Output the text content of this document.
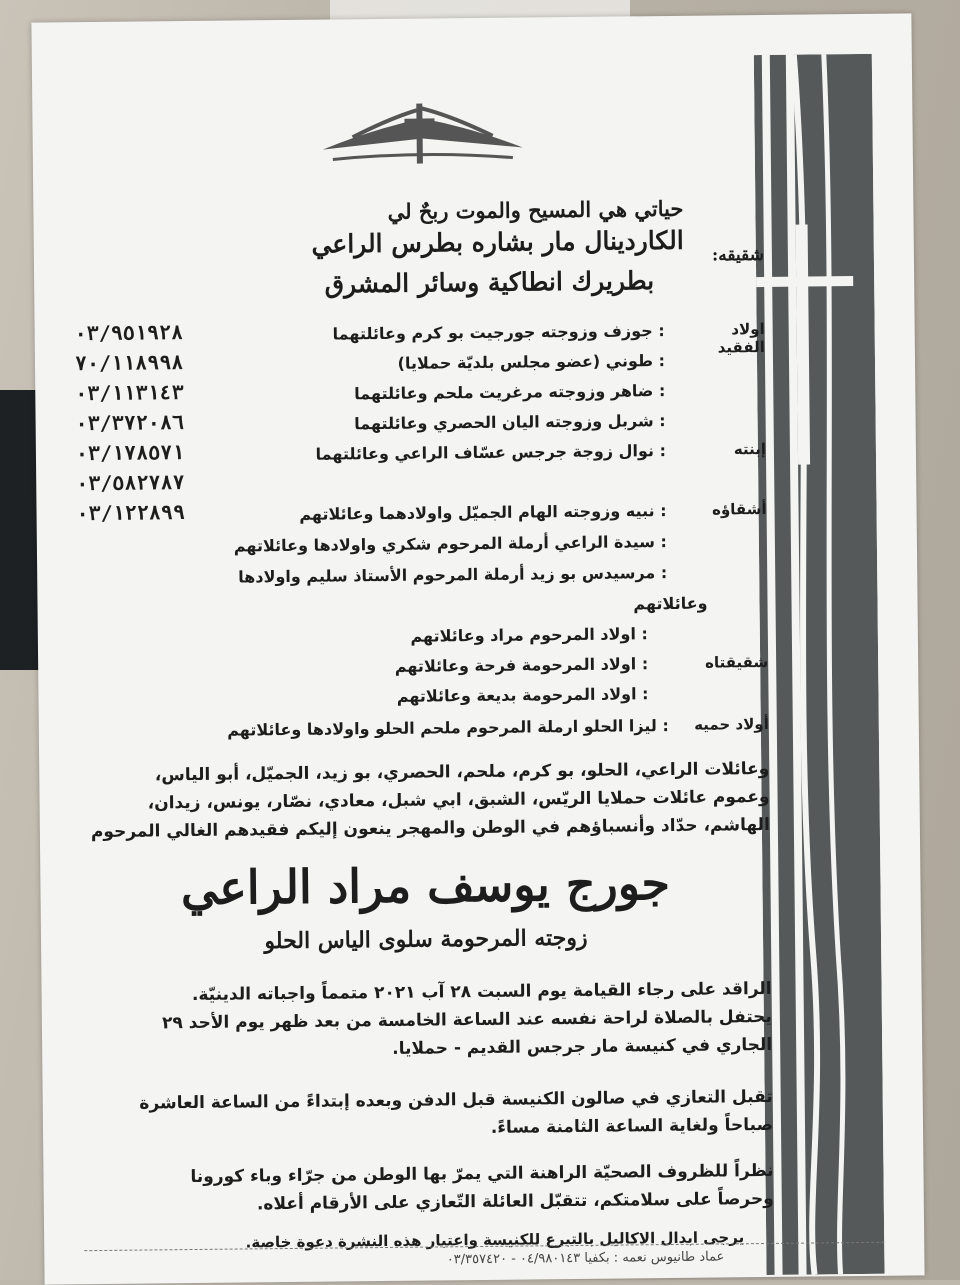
حياتي هي المسيح والموت ربحٌ لي
شقيقه:
الكاردينال مار بشاره بطرس الراعي
بطريرك انطاكية وسائر المشرق
اولاد الفقيد
: جوزف وزوجته جورجيت بو كرم وعائلتهما
٠٣/٩٥١٩٢٨
: طوني (عضو مجلس بلديّة حملايا)
٧٠/١١٨٩٩٨
: ضاهر وزوجته مرغريت ملحم وعائلتهما
٠٣/١١٣١٤٣
: شربل وزوجته اليان الحصري وعائلتهما
٠٣/٣٧٢٠٨٦
إبنته
: نوال زوجة جرجس عسّاف الراعي وعائلتهما
٠٣/١٧٨٥٧١
٠٣/٥٨٢٧٨٧
أشقاؤه
: نبيه وزوجته الهام الجميّل واولادهما وعائلاتهم
٠٣/١٢٢٨٩٩
: سيدة الراعي أرملة المرحوم شكري واولادها وعائلاتهم
: مرسيدس بو زيد أرملة المرحوم الأستاذ سليم واولادها
وعائلاتهم
: اولاد المرحوم مراد وعائلاتهم
شقيقتاه
: اولاد المرحومة فرحة وعائلاتهم
: اولاد المرحومة بديعة وعائلاتهم
أولاد حميه
: ليزا الحلو ارملة المرحوم ملحم الحلو واولادها وعائلاتهم
وعائلات الراعي، الحلو، بو كرم، ملحم، الحصري، بو زيد، الجميّل، أبو الياس،
وعموم عائلات حملايا الريّس، الشبق، ابي شبل، معادي، نصّار، يونس، زيدان،
الهاشم، حدّاد وأنسباؤهم في الوطن والمهجر ينعون إليكم فقيدهم الغالي المرحوم
جورج يوسف مراد الراعي
زوجته المرحومة سلوى الياس الحلو
الراقد على رجاء القيامة يوم السبت ٢٨ آب ٢٠٢١ متمماً واجباته الدينيّة.
يحتفل بالصلاة لراحة نفسه عند الساعة الخامسة من بعد ظهر يوم الأحد ٢٩
الجاري في كنيسة مار جرجس القديم - حملايا.
تقبل التعازي في صالون الكنيسة قبل الدفن وبعده إبتداءً من الساعة العاشرة
صباحاً ولغاية الساعة الثامنة مساءً.
نظراً للظروف الصحيّة الراهنة التي يمرّ بها الوطن من جرّاء وباء كورونا
وحرصاً على سلامتكم، تتقبّل العائلة التّعازي على الأرقام أعلاه.
يرجى ابدال الاكاليل بالتبرع للكنيسة واعتبار هذه النشرة دعوة خاصة.
عماد طانيوس نعمه : بكفيا ٠٤/٩٨٠١٤٣ - ٠٣/٣٥٧٤٢٠
